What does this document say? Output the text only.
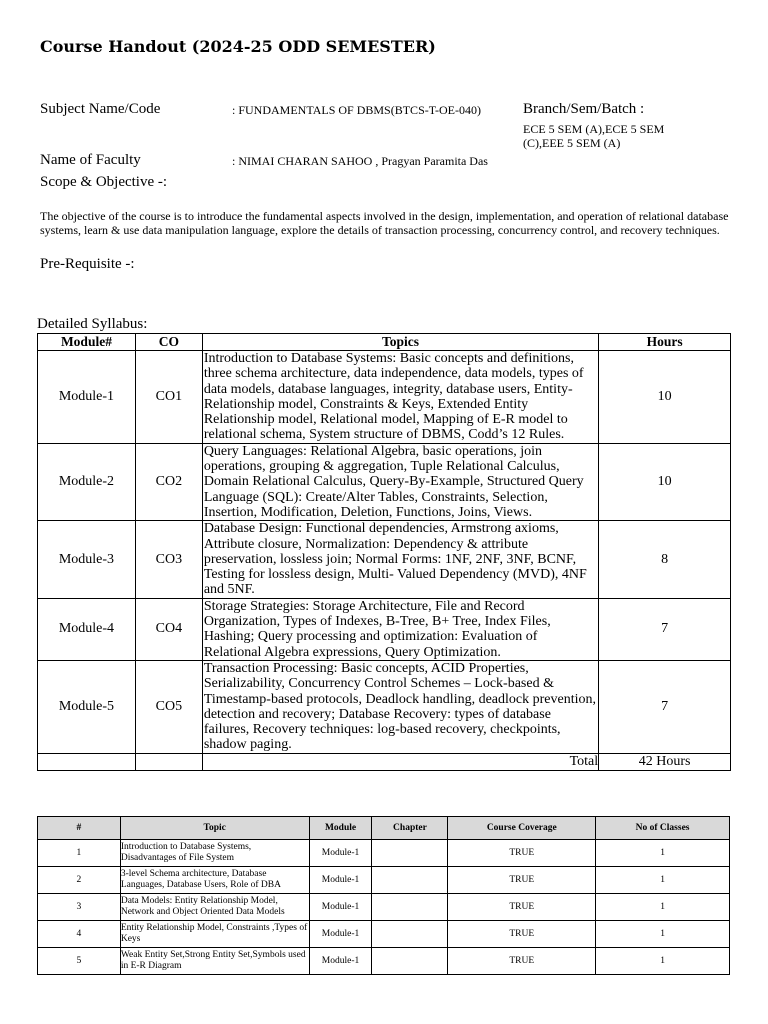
Course Handout (2024-25 ODD SEMESTER)
Subject Name/Code	: FUNDAMENTALS OF DBMS(BTCS-T-OE-040)	Branch/Sem/Batch :
ECE 5 SEM (A),ECE 5 SEM (C),EEE 5 SEM (A)
Name of Faculty	: NIMAI CHARAN SAHOO , Pragyan Paramita Das
Scope & Objective -:
The objective of the course is to introduce the fundamental aspects involved in the design, implementation, and operation of relational database systems, learn & use data manipulation language, explore the details of transaction processing, concurrency control, and recovery techniques.
Pre-Requisite -:
Detailed Syllabus:
Module#	CO	Topics	Hours
Module-1	CO1	Introduction to Database Systems: Basic concepts and definitions, three schema architecture, data independence, data models, types of data models, database languages, integrity, database users, Entity-Relationship model, Constraints & Keys, Extended Entity Relationship model, Relational model, Mapping of E-R model to relational schema, System structure of DBMS, Codd’s 12 Rules.	10
Module-2	CO2	Query Languages: Relational Algebra, basic operations, join operations, grouping & aggregation, Tuple Relational Calculus, Domain Relational Calculus, Query-By-Example, Structured Query Language (SQL): Create/Alter Tables, Constraints, Selection, Insertion, Modification, Deletion, Functions, Joins, Views.	10
Module-3	CO3	Database Design: Functional dependencies, Armstrong axioms, Attribute closure, Normalization: Dependency & attribute preservation, lossless join; Normal Forms: 1NF, 2NF, 3NF, BCNF, Testing for lossless design, Multi- Valued Dependency (MVD), 4NF and 5NF.	8
Module-4	CO4	Storage Strategies: Storage Architecture, File and Record Organization, Types of Indexes, B-Tree, B+ Tree, Index Files, Hashing; Query processing and optimization: Evaluation of Relational Algebra expressions, Query Optimization.	7
Module-5	CO5	Transaction Processing: Basic concepts, ACID Properties, Serializability, Concurrency Control Schemes – Lock-based & Timestamp-based protocols, Deadlock handling, deadlock prevention, detection and recovery; Database Recovery: types of database failures, Recovery techniques: log-based recovery, checkpoints, shadow paging.	7
		Total	42 Hours
#	Topic	Module	Chapter	Course Coverage	No of Classes
1	Introduction to Database Systems, Disadvantages of File System	Module-1		TRUE	1
2	3-level Schema architecture, Database Languages, Database Users, Role of DBA	Module-1		TRUE	1
3	Data Models: Entity Relationship Model, Network and Object Oriented Data Models	Module-1		TRUE	1
4	Entity Relationship Model, Constraints ,Types of Keys	Module-1		TRUE	1
5	Weak Entity Set,Strong Entity Set,Symbols used in E-R Diagram	Module-1		TRUE	1
